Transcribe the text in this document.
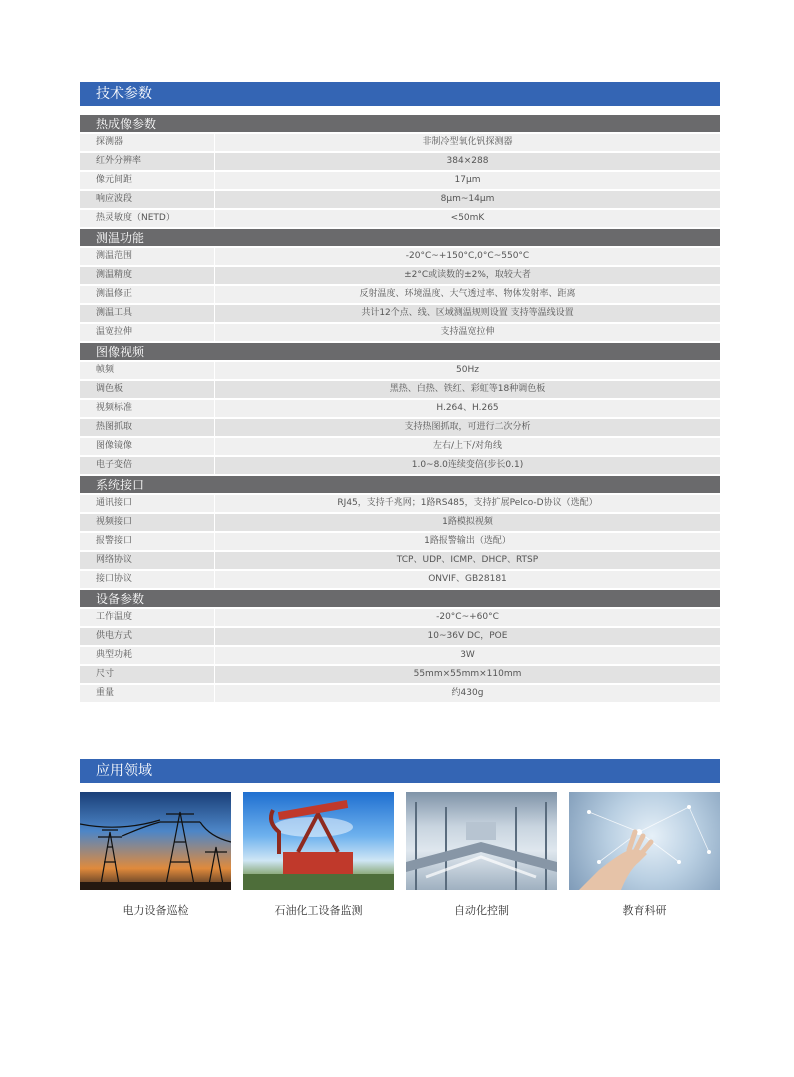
技术参数
热成像参数
探测器	非制冷型氧化钒探测器
红外分辨率	384×288
像元间距	17μm
响应波段	8μm~14μm
热灵敏度（NETD）	<50mK
测温功能
测温范围	-20°C~+150°C,0°C~550°C
测温精度	±2°C或读数的±2%，取较大者
测温修正	反射温度、环境温度、大气透过率、物体发射率、距离
测温工具	共计12个点、线、区域测温规则设置 支持等温线设置
温宽拉伸	支持温宽拉伸
图像视频
帧频	50Hz
调色板	黑热、白热、铁红、彩虹等18种调色板
视频标准	H.264、H.265
热图抓取	支持热图抓取，可进行二次分析
图像镜像	左右/上下/对角线
电子变倍	1.0~8.0连续变倍(步长0.1)
系统接口
通讯接口	RJ45，支持千兆网；1路RS485，支持扩展Pelco-D协议（选配）
视频接口	1路模拟视频
报警接口	1路报警输出（选配）
网络协议	TCP、UDP、ICMP、DHCP、RTSP
接口协议	ONVIF、GB28181
设备参数
工作温度	-20°C~+60°C
供电方式	10~36V DC，POE
典型功耗	3W
尺寸	55mm×55mm×110mm
重量	约430g
应用领域
电力设备巡检	石油化工设备监测	自动化控制	教育科研
